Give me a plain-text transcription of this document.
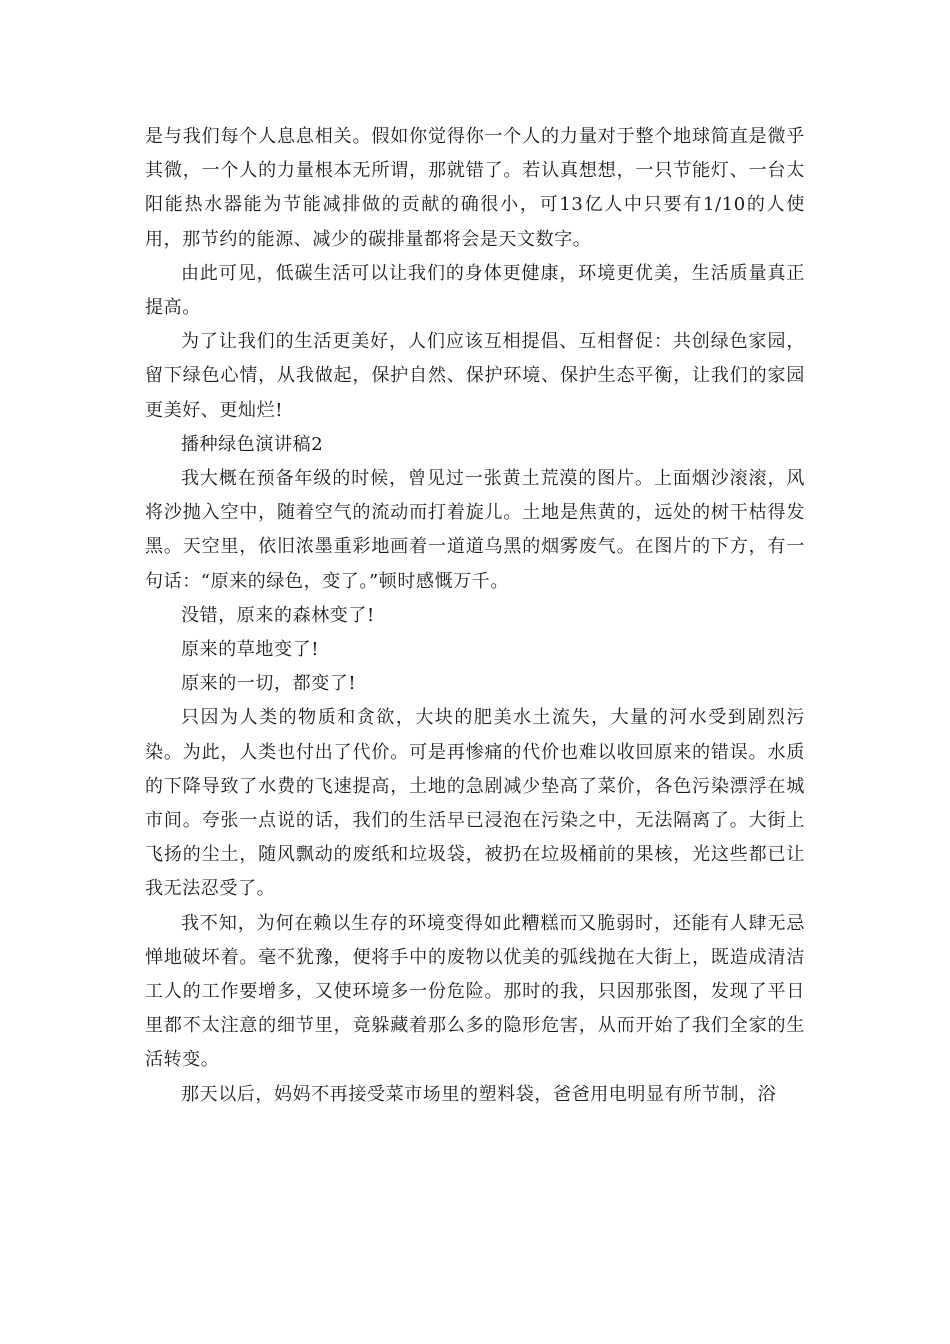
是与我们每个人息息相关。假如你觉得你一个人的力量对于整个地球简直是微乎其微，一个人的力量根本无所谓，那就错了。若认真想想，一只节能灯、一台太阳能热水器能为节能减排做的贡献的确很小，可13亿人中只要有1/10的人使用，那节约的能源、减少的碳排量都将会是天文数字。

由此可见，低碳生活可以让我们的身体更健康，环境更优美，生活质量真正提高。

为了让我们的生活更美好，人们应该互相提倡、互相督促：共创绿色家园，留下绿色心情，从我做起，保护自然、保护环境、保护生态平衡，让我们的家园更美好、更灿烂!

播种绿色演讲稿2

我大概在预备年级的时候，曾见过一张黄土荒漠的图片。上面烟沙滚滚，风将沙抛入空中，随着空气的流动而打着旋儿。土地是焦黄的，远处的树干枯得发黑。天空里，依旧浓墨重彩地画着一道道乌黑的烟雾废气。在图片的下方，有一句话：“原来的绿色，变了。”顿时感慨万千。

没错，原来的森林变了!

原来的草地变了!

原来的一切，都变了!

只因为人类的物质和贪欲，大块的肥美水土流失，大量的河水受到剧烈污染。为此，人类也付出了代价。可是再惨痛的代价也难以收回原来的错误。水质的下降导致了水费的飞速提高，土地的急剧减少垫高了菜价，各色污染漂浮在城市间。夸张一点说的话，我们的生活早已浸泡在污染之中，无法隔离了。大街上飞扬的尘土，随风飘动的废纸和垃圾袋，被扔在垃圾桶前的果核，光这些都已让我无法忍受了。

我不知，为何在赖以生存的环境变得如此糟糕而又脆弱时，还能有人肆无忌惮地破坏着。毫不犹豫，便将手中的废物以优美的弧线抛在大街上，既造成清洁工人的工作要增多，又使环境多一份危险。那时的我，只因那张图，发现了平日里都不太注意的细节里，竟躲藏着那么多的隐形危害，从而开始了我们全家的生活转变。

那天以后，妈妈不再接受菜市场里的塑料袋，爸爸用电明显有所节制，浴
